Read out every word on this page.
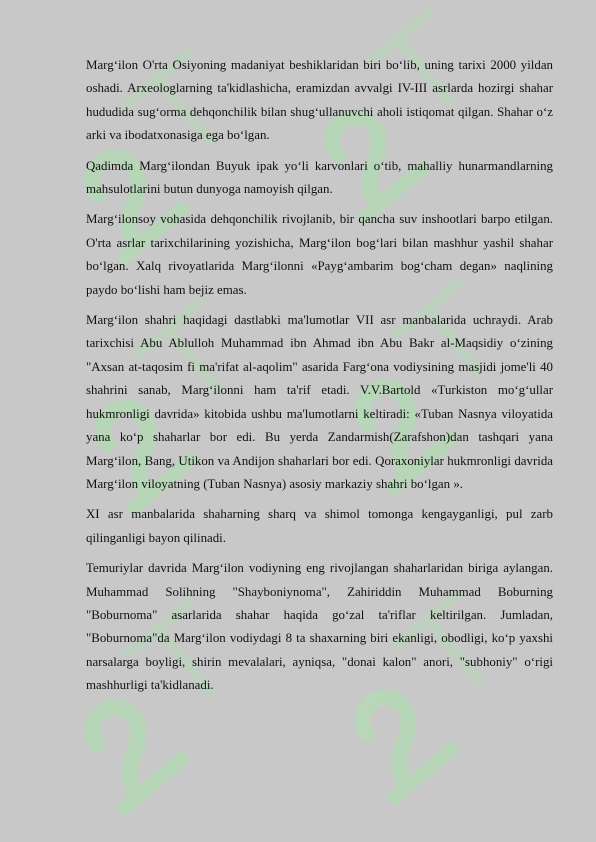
Marg‘ilon O'rta Osiyoning madaniyat beshiklaridan biri bo‘lib, uning tarixi 2000 yildan oshadi. Arxeologlarning ta'kidlashicha, eramizdan avvalgi IV-III asrlarda hozirgi shahar hududida sug‘orma dehqonchilik bilan shug‘ullanuvchi aholi istiqomat qilgan. Shahar o‘z arki va ibodatxonasiga ega bo‘lgan.

Qadimda Marg‘ilondan Buyuk ipak yo‘li karvonlari o‘tib, mahalliy hunarmandlarning mahsulotlarini butun dunyoga namoyish qilgan.

Marg‘ilonsoy vohasida dehqonchilik rivojlanib, bir qancha suv inshootlari barpo etilgan. O'rta asrlar tarixchilarining yozishicha, Marg‘ilon bog‘lari bilan mashhur yashil shahar bo‘lgan. Xalq rivoyatlarida Marg‘ilonni «Payg‘ambarim bog‘cham degan» naqlining paydo bo‘lishi ham bejiz emas.

Marg‘ilon shahri haqidagi dastlabki ma'lumotlar VII asr manbalarida uchraydi. Arab tarixchisi Abu Ablulloh Muhammad ibn Ahmad ibn Abu Bakr al-Maqsidiy o‘zining "Axsan at-taqosim fi ma'rifat al-aqolim" asarida Farg‘ona vodiysining masjidi jome'li 40 shahrini sanab, Marg‘ilonni ham ta'rif etadi. V.V.Bartold «Turkiston mo‘g‘ullar hukmronligi davrida» kitobida ushbu ma'lumotlarni keltiradi: «Tuban Nasnya viloyatida yana ko‘p shaharlar bor edi. Bu yerda Zandarmish(Zarafshon)dan tashqari yana Marg‘ilon, Bang, Utikon va Andijon shaharlari bor edi. Qoraxoniylar hukmronligi davrida Marg‘ilon viloyatning (Tuban Nasnya) asosiy markaziy shahri bo‘lgan ».

XI asr manbalarida shaharning sharq va shimol tomonga kengayganligi, pul zarb qilinganligi bayon qilinadi.

Temuriylar davrida Marg‘ilon vodiyning eng rivojlangan shaharlaridan biriga aylangan. Muhammad Solihning "Shayboniynoma", Zahiriddin Muhammad Boburning "Boburnoma" asarlarida shahar haqida go‘zal ta'riflar keltirilgan. Jumladan, "Boburnoma"da Marg‘ilon vodiydagi 8 ta shaxarning biri ekanligi, obodligi, ko‘p yaxshi narsalarga boyligi, shirin mevalalari, ayniqsa, "donai kalon" anori, "subhoniy" o‘rigi mashhurligi ta'kidlanadi.
